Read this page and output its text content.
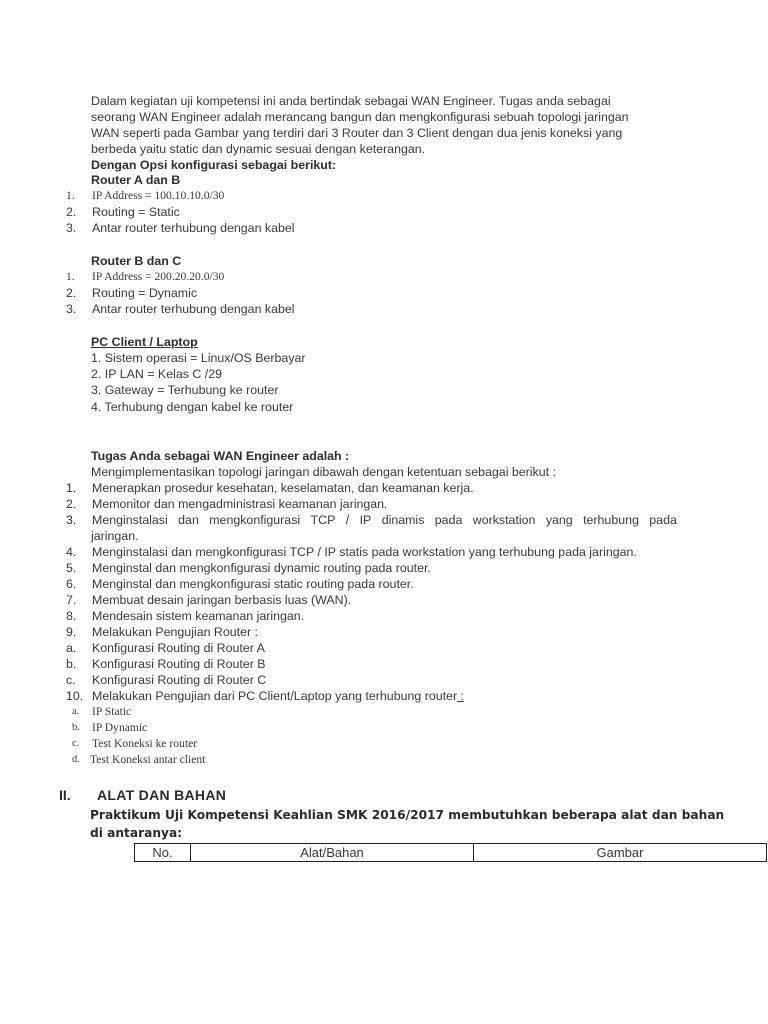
Dalam kegiatan uji kompetensi ini anda bertindak sebagai WAN Engineer. Tugas anda sebagai
seorang WAN Engineer adalah merancang bangun dan mengkonfigurasi sebuah topologi jaringan
WAN seperti pada Gambar yang terdiri dari 3 Router dan 3 Client dengan dua jenis koneksi yang
berbeda yaitu static dan dynamic sesuai dengan keterangan.
Dengan Opsi konfigurasi sebagai berikut:
Router A dan B
1. IP Address = 100.10.10.0/30
2. Routing = Static
3. Antar router terhubung dengan kabel
Router B dan C
1. IP Address = 200.20.20.0/30
2. Routing = Dynamic
3. Antar router terhubung dengan kabel
PC Client / Laptop
1. Sistem operasi = Linux/OS Berbayar
2. IP LAN = Kelas C /29
3. Gateway = Terhubung ke router
4. Terhubung dengan kabel ke router
Tugas Anda sebagai WAN Engineer adalah :
Mengimplementasikan topologi jaringan dibawah dengan ketentuan sebagai berikut :
1. Menerapkan prosedur kesehatan, keselamatan, dan keamanan kerja.
2. Memonitor dan mengadministrasi keamanan jaringan.
3. Menginstalasi dan mengkonfigurasi TCP / IP dinamis pada workstation yang terhubung pada
jaringan.
4. Menginstalasi dan mengkonfigurasi TCP / IP statis pada workstation yang terhubung pada jaringan.
5. Menginstal dan mengkonfigurasi dynamic routing pada router.
6. Menginstal dan mengkonfigurasi static routing pada router.
7. Membuat desain jaringan berbasis luas (WAN).
8. Mendesain sistem keamanan jaringan.
9. Melakukan Pengujian Router :
a. Konfigurasi Routing di Router A
b. Konfigurasi Routing di Router B
c. Konfigurasi Routing di Router C
10. Melakukan Pengujian dari PC Client/Laptop yang terhubung router :
a. IP Static
b. IP Dynamic
c. Test Koneksi ke router
d. Test Koneksi antar client
II. ALAT DAN BAHAN
Praktikum Uji Kompetensi Keahlian SMK 2016/2017 membutuhkan beberapa alat dan bahan
di antaranya:
No.	Alat/Bahan	Gambar
